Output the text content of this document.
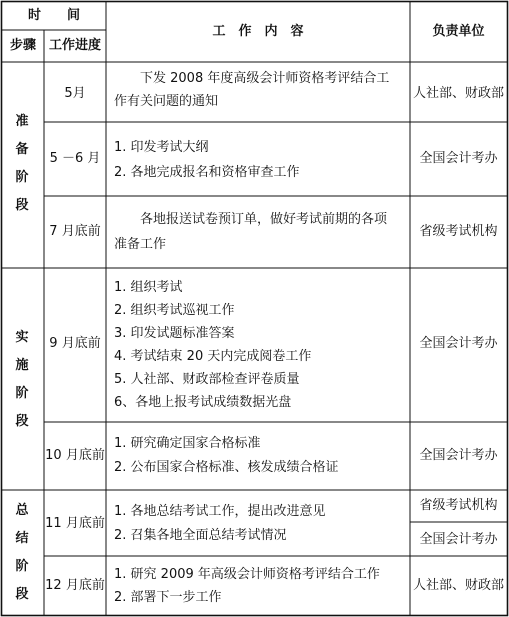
时　　间
步骤 工作进度
工　作　内　容	负责单位
准
备
阶
段
实
施
阶
段
总
结
阶
段
5月
　　下发 2008 年度高级会计师资格考评结合工
作有关问题的通知
人社部、财政部
5 －6 月
1. 印发考试大纲
2. 各地完成报名和资格审查工作
全国会计考办
7 月底前
　　各地报送试卷预订单，做好考试前期的各项
准备工作
省级考试机构
9 月底前
1. 组织考试
2. 组织考试巡视工作
3. 印发试题标准答案
4. 考试结束 20 天内完成阅卷工作
5. 人社部、财政部检查评卷质量
6、各地上报考试成绩数据光盘
全国会计考办
10 月底前
1. 研究确定国家合格标准
2. 公布国家合格标准、核发成绩合格证
全国会计考办
11 月底前
1. 各地总结考试工作，提出改进意见
2. 召集各地全面总结考试情况
省级考试机构
全国会计考办
12 月底前
1. 研究 2009 年高级会计师资格考评结合工作
2. 部署下一步工作
人社部、财政部
